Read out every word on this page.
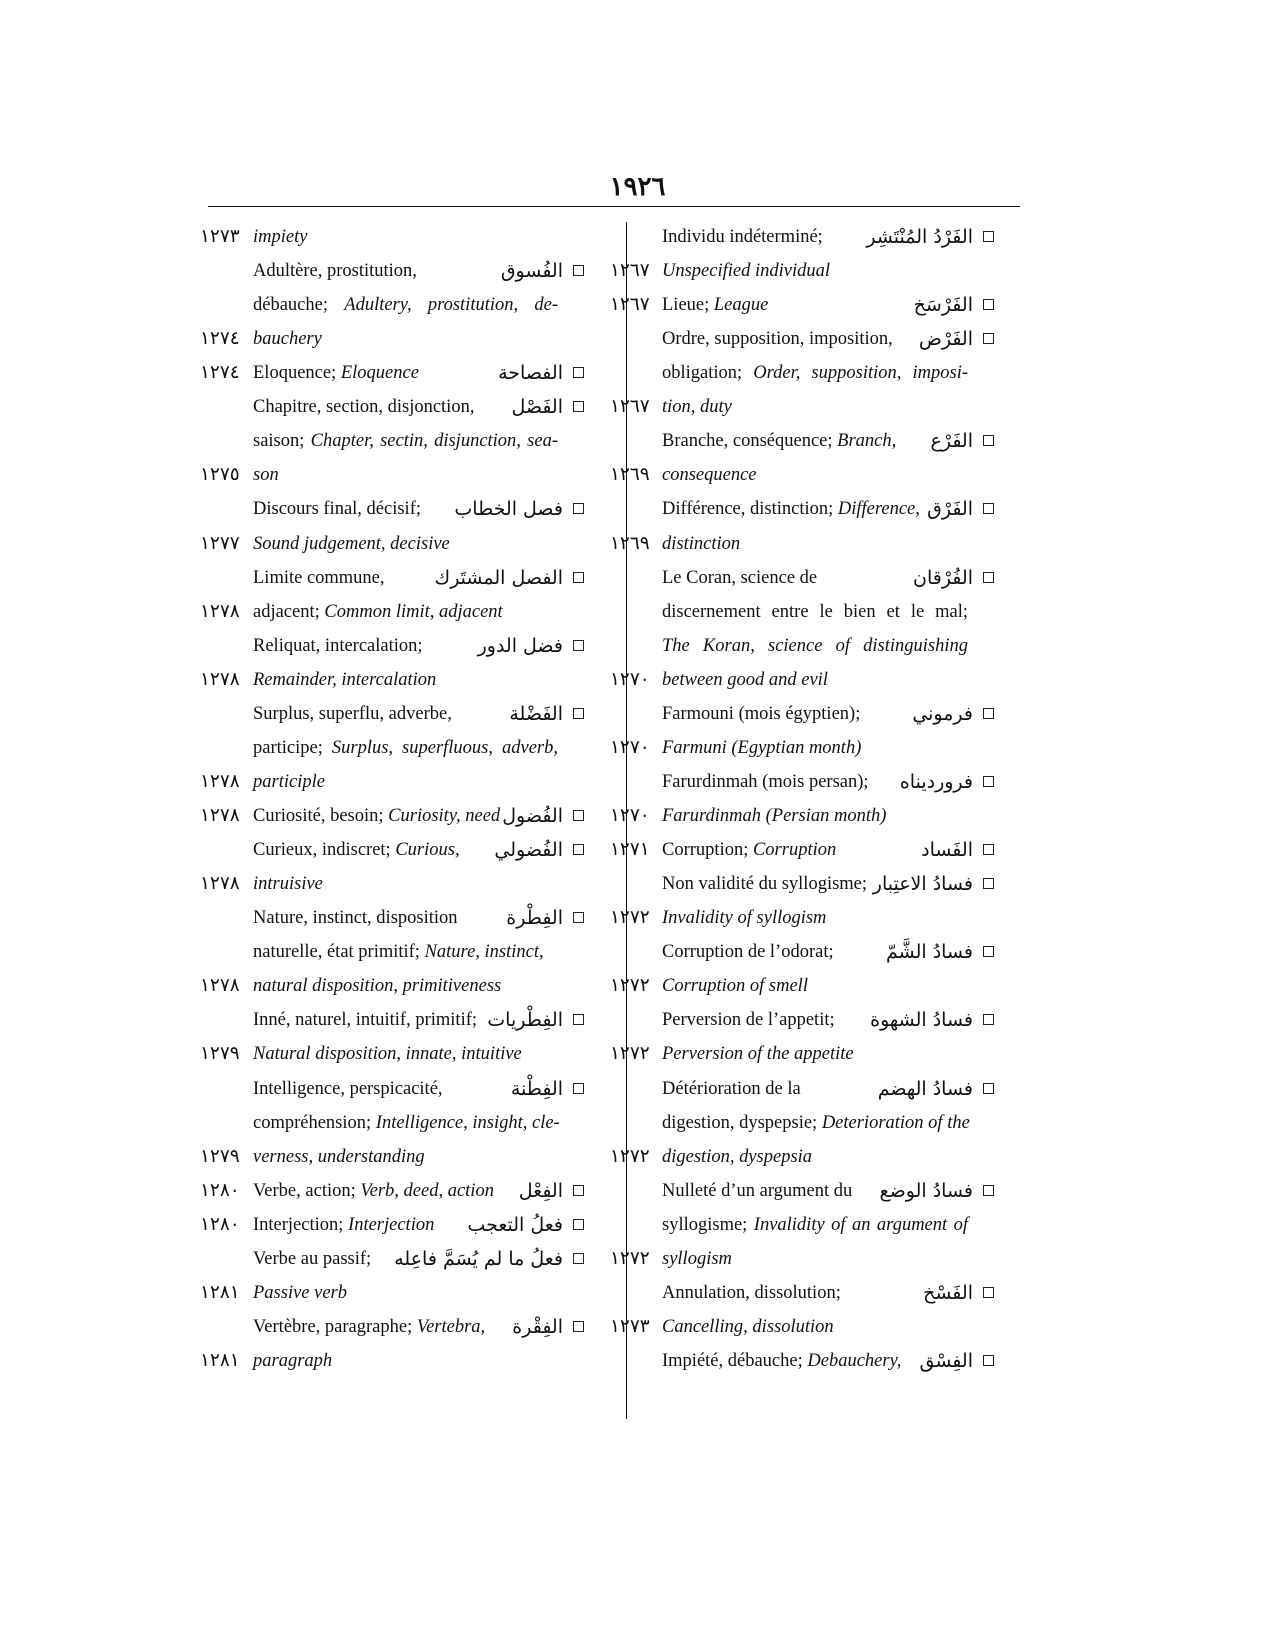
١٩٢٦
١٢٧٣ impiety
Adultère, prostitution,	الفُسوق
débauche; Adultery, prostitution, de-
١٢٧٤ bauchery
١٢٧٤ Eloquence; Eloquence	الفصاحة
Chapitre, section, disjonction, الفَصْل
saison; Chapter, sectin, disjunction, sea-
١٢٧٥ son
Discours final, décisif; فصل الخطاب
١٢٧٧ Sound judgement, decisive
Limite commune,	الفصل المشتَرك
١٢٧٨ adjacent; Common limit, adjacent
Reliquat, intercalation;	فضل الدور
١٢٧٨ Remainder, intercalation
Surplus, superflu, adverbe,	الفَضْلة
participe; Surplus, superfluous, adverb,
١٢٧٨ participle
١٢٧٨ Curiosité, besoin; Curiosity, need الفُضول
Curieux, indiscret; Curious, الفُضولي
١٢٧٨ intruisive
Nature, instinct, disposition	الفِطْرة
naturelle, état primitif; Nature, instinct,
١٢٧٨ natural disposition, primitiveness
Inné, naturel, intuitif, primitif; الفِطْريات
١٢٧٩ Natural disposition, innate, intuitive
Intelligence, perspicacité,	الفِطْنة
compréhension; Intelligence, insight, cle-
١٢٧٩ verness, understanding
١٢٨٠ Verbe, action; Verb, deed, action الفِعْل
١٢٨٠ Interjection; Interjection فعلُ التعجب
Verbe au passif; فعلُ ما لم يُسَمَّ فاعِله
١٢٨١ Passive verb
Vertèbre, paragraphe; Vertebra, الفِقْرة
١٢٨١ paragraph
Individu indéterminé; الفَرْدُ المُنْتَشِر
١٢٦٧ Unspecified individual
١٢٦٧ Lieue; League	الفَرْسَخ
Ordre, supposition, imposition, الفَرْض
obligation; Order, supposition, imposi-
١٢٦٧ tion, duty
Branche, conséquence; Branch, الفَرْع
١٢٦٩ consequence
Différence, distinction; Difference, الفَرْق
١٢٦٩ distinction
Le Coran, science de	الفُرْقان
discernement entre le bien et le mal;
The Koran, science of distinguishing
١٢٧٠ between good and evil
Farmouni (mois égyptien);	فرموني
١٢٧٠ Farmuni (Egyptian month)
Farurdinmah (mois persan); فروردیناه
١٢٧٠ Farurdinmah (Persian month)
١٢٧١ Corruption; Corruption	الفَساد
Non validité du syllogisme; فسادُ الاعتِبار
١٢٧٢ Invalidity of syllogism
Corruption de l’odorat;	فسادُ الشَّمّ
١٢٧٢ Corruption of smell
Perversion de l’appetit; فسادُ الشهوة
١٢٧٢ Perversion of the appetite
Détérioration de la	فسادُ الهضم
digestion, dyspepsie; Deterioration of the
١٢٧٢ digestion, dyspepsia
Nulleté d’un argument du فسادُ الوضع
syllogisme; Invalidity of an argument of
١٢٧٢ syllogism
Annulation, dissolution;	الفَسْخ
١٢٧٣ Cancelling, dissolution
Impiété, débauche; Debauchery, الفِسْق
